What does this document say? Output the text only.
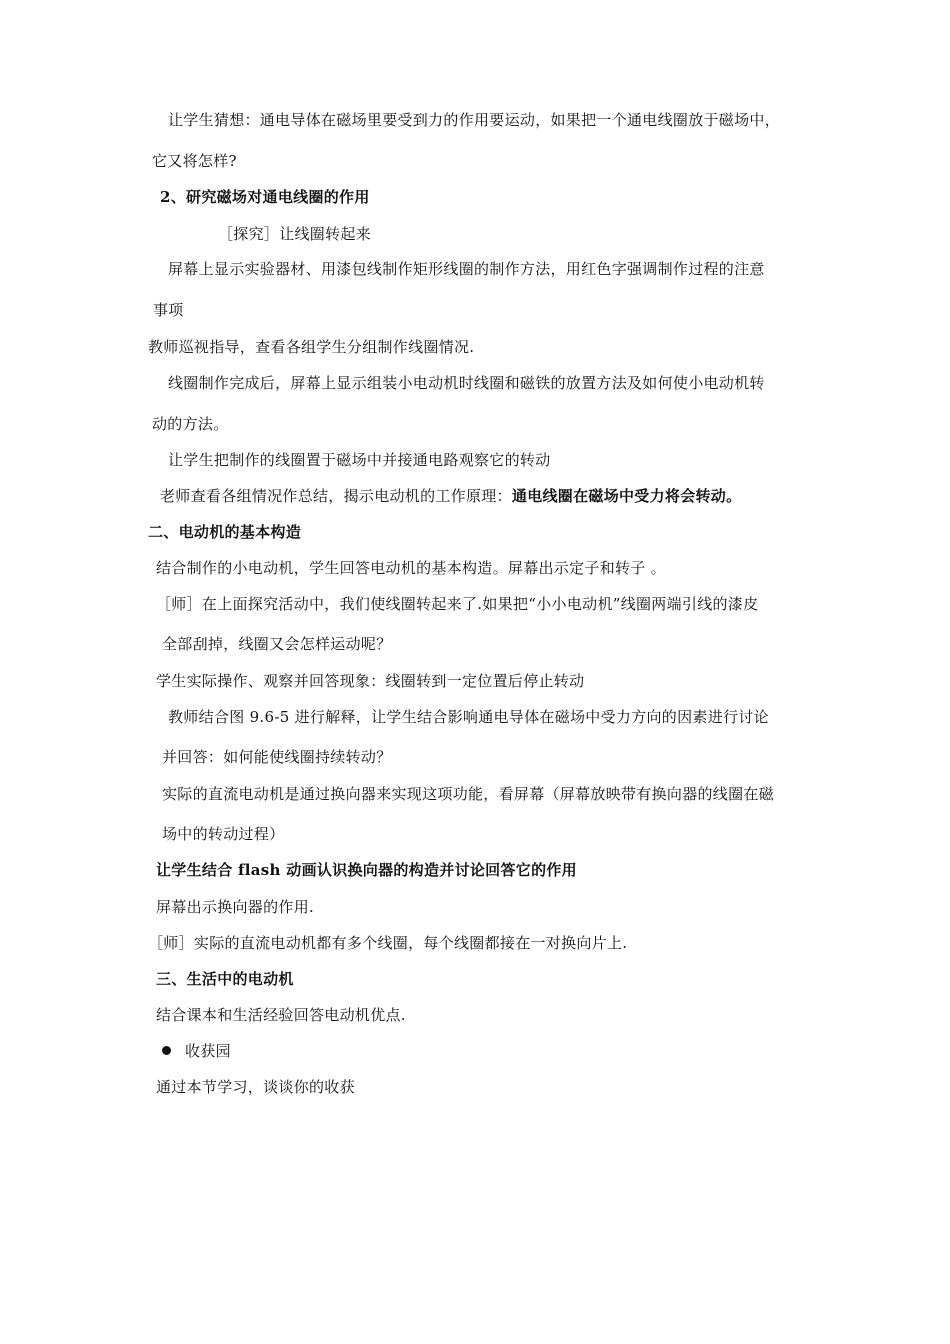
让学生猜想：通电导体在磁场里要受到力的作用要运动，如果把一个通电线圈放于磁场中，
它又将怎样?
2、研究磁场对通电线圈的作用
［探究］让线圈转起来
屏幕上显示实验器材、用漆包线制作矩形线圈的制作方法，用红色字强调制作过程的注意
事项
教师巡视指导，查看各组学生分组制作线圈情况.
线圈制作完成后，屏幕上显示组装小电动机时线圈和磁铁的放置方法及如何使小电动机转
动的方法。
让学生把制作的线圈置于磁场中并接通电路观察它的转动
老师查看各组情况作总结，揭示电动机的工作原理：通电线圈在磁场中受力将会转动。
二、电动机的基本构造
结合制作的小电动机，学生回答电动机的基本构造。屏幕出示定子和转子 。
［师］在上面探究活动中，我们使线圈转起来了.如果把“小小电动机”线圈两端引线的漆皮
全部刮掉，线圈又会怎样运动呢？
学生实际操作、观察并回答现象：线圈转到一定位置后停止转动
教师结合图 9.6-5 进行解释，让学生结合影响通电导体在磁场中受力方向的因素进行讨论
并回答：如何能使线圈持续转动？
实际的直流电动机是通过换向器来实现这项功能，看屏幕（屏幕放映带有换向器的线圈在磁
场中的转动过程）
让学生结合 flash 动画认识换向器的构造并讨论回答它的作用
屏幕出示换向器的作用.
［师］实际的直流电动机都有多个线圈，每个线圈都接在一对换向片上.
三、生活中的电动机
结合课本和生活经验回答电动机优点.
收获园
通过本节学习，谈谈你的收获
